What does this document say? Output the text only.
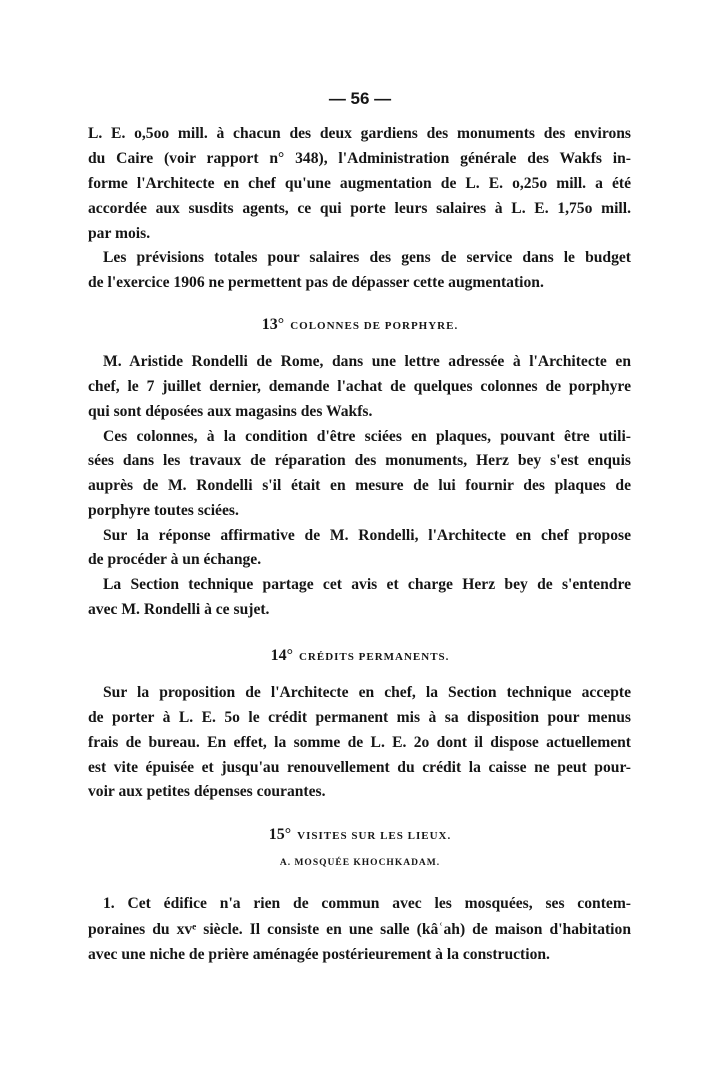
— 56 —
L. E. o,5oo mill. à chacun des deux gardiens des monuments des environs
du Caire (voir rapport n° 348), l'Administration générale des Wakfs in-
forme l'Architecte en chef qu'une augmentation de L. E. o,25o mill. a été
accordée aux susdits agents, ce qui porte leurs salaires à L. E. 1,75o mill.
par mois.
Les prévisions totales pour salaires des gens de service dans le budget
de l'exercice 1906 ne permettent pas de dépasser cette augmentation.
13° COLONNES DE PORPHYRE.
M. Aristide Rondelli de Rome, dans une lettre adressée à l'Architecte en
chef, le 7 juillet dernier, demande l'achat de quelques colonnes de porphyre
qui sont déposées aux magasins des Wakfs.
Ces colonnes, à la condition d'être sciées en plaques, pouvant être utili-
sées dans les travaux de réparation des monuments, Herz bey s'est enquis
auprès de M. Rondelli s'il était en mesure de lui fournir des plaques de
porphyre toutes sciées.
Sur la réponse affirmative de M. Rondelli, l'Architecte en chef propose
de procéder à un échange.
La Section technique partage cet avis et charge Herz bey de s'entendre
avec M. Rondelli à ce sujet.
14° CRÉDITS PERMANENTS.
Sur la proposition de l'Architecte en chef, la Section technique accepte
de porter à L. E. 5o le crédit permanent mis à sa disposition pour menus
frais de bureau. En effet, la somme de L. E. 2o dont il dispose actuellement
est vite épuisée et jusqu'au renouvellement du crédit la caisse ne peut pour-
voir aux petites dépenses courantes.
15° VISITES SUR LES LIEUX.
A. MOSQUÉE KHOCHKADAM.
1. Cet édifice n'a rien de commun avec les mosquées, ses contem-
poraines du xvᵉ siècle. Il consiste en une salle (kâʿah) de maison d'habitation
avec une niche de prière aménagée postérieurement à la construction.
